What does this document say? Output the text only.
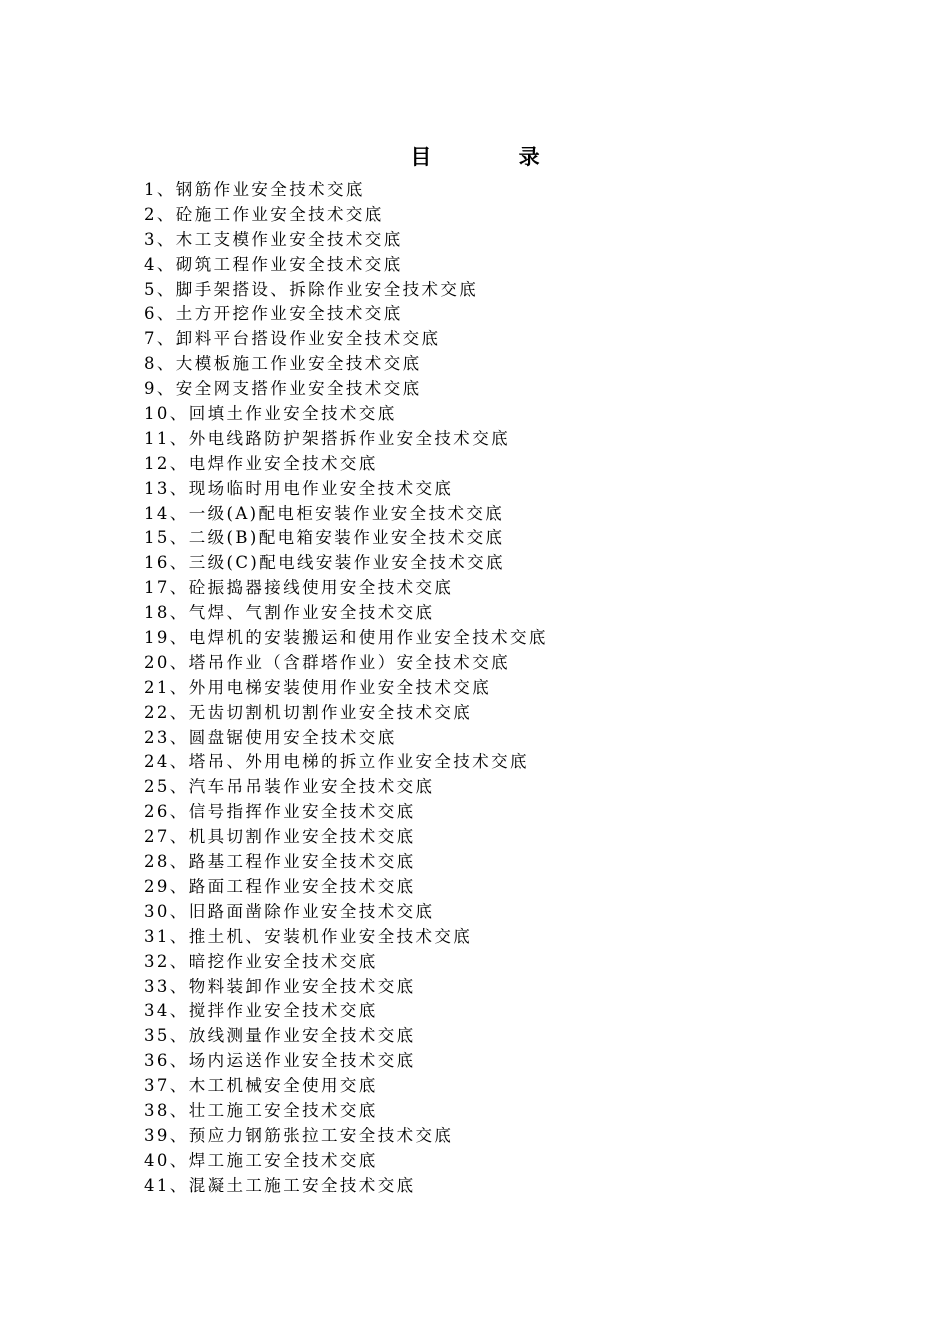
目 录
1、钢筋作业安全技术交底
2、砼施工作业安全技术交底
3、木工支模作业安全技术交底
4、砌筑工程作业安全技术交底
5、脚手架搭设、拆除作业安全技术交底
6、土方开挖作业安全技术交底
7、卸料平台搭设作业安全技术交底
8、大模板施工作业安全技术交底
9、安全网支搭作业安全技术交底
10、回填土作业安全技术交底
11、外电线路防护架搭拆作业安全技术交底
12、电焊作业安全技术交底
13、现场临时用电作业安全技术交底
14、一级(A)配电柜安装作业安全技术交底
15、二级(B)配电箱安装作业安全技术交底
16、三级(C)配电线安装作业安全技术交底
17、砼振捣器接线使用安全技术交底
18、气焊、气割作业安全技术交底
19、电焊机的安装搬运和使用作业安全技术交底
20、塔吊作业（含群塔作业）安全技术交底
21、外用电梯安装使用作业安全技术交底
22、无齿切割机切割作业安全技术交底
23、圆盘锯使用安全技术交底
24、塔吊、外用电梯的拆立作业安全技术交底
25、汽车吊吊装作业安全技术交底
26、信号指挥作业安全技术交底
27、机具切割作业安全技术交底
28、路基工程作业安全技术交底
29、路面工程作业安全技术交底
30、旧路面凿除作业安全技术交底
31、推土机、安装机作业安全技术交底
32、暗挖作业安全技术交底
33、物料装卸作业安全技术交底
34、搅拌作业安全技术交底
35、放线测量作业安全技术交底
36、场内运送作业安全技术交底
37、木工机械安全使用交底
38、壮工施工安全技术交底
39、预应力钢筋张拉工安全技术交底
40、焊工施工安全技术交底
41、混凝土工施工安全技术交底
